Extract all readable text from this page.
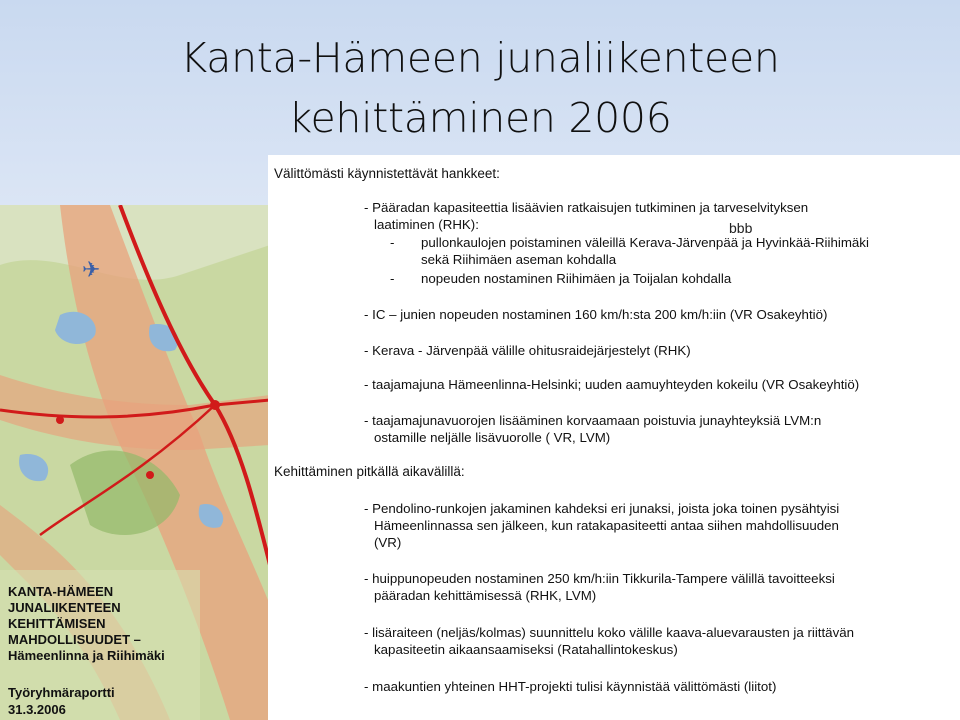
Kanta-Hämeen junaliikenteen
kehittäminen 2006
✈
KANTA-HÄMEEN
JUNALIIKENTEEN
KEHITTÄMISEN
MAHDOLLISUUDET –
Hämeenlinna ja Riihimäki
Työryhmäraportti
31.3.2006
Välittömästi käynnistettävät hankkeet:
- Pääradan kapasiteettia lisäävien ratkaisujen tutkiminen ja tarveselvityksen
laatiminen (RHK):
-	pullonkaulojen poistaminen väleillä Kerava-Järvenpää ja Hyvinkää-Riihimäki
sekä Riihimäen aseman kohdalla
bbb
-	nopeuden nostaminen Riihimäen ja Toijalan kohdalla
- IC – junien nopeuden nostaminen 160 km/h:sta 200 km/h:iin (VR Osakeyhtiö)
- Kerava - Järvenpää välille ohitusraidejärjestelyt (RHK)
- taajamajuna Hämeenlinna-Helsinki; uuden aamuyhteyden kokeilu (VR Osakeyhtiö)
- taajamajunavuorojen lisääminen korvaamaan poistuvia junayhteyksiä LVM:n
ostamille neljälle lisävuorolle ( VR, LVM)
Kehittäminen pitkällä aikavälillä:
- Pendolino-runkojen jakaminen kahdeksi eri junaksi, joista joka toinen pysähtyisi
Hämeenlinnassa sen jälkeen, kun ratakapasiteetti antaa siihen mahdollisuuden
(VR)
- huippunopeuden nostaminen 250 km/h:iin Tikkurila-Tampere välillä tavoitteeksi
pääradan kehittämisessä (RHK, LVM)
- lisäraiteen (neljäs/kolmas) suunnittelu koko välille kaava-aluevarausten ja riittävän
kapasiteetin aikaansaamiseksi (Ratahallintokeskus)
- maakuntien yhteinen HHT-projekti tulisi käynnistää välittömästi (liitot)
